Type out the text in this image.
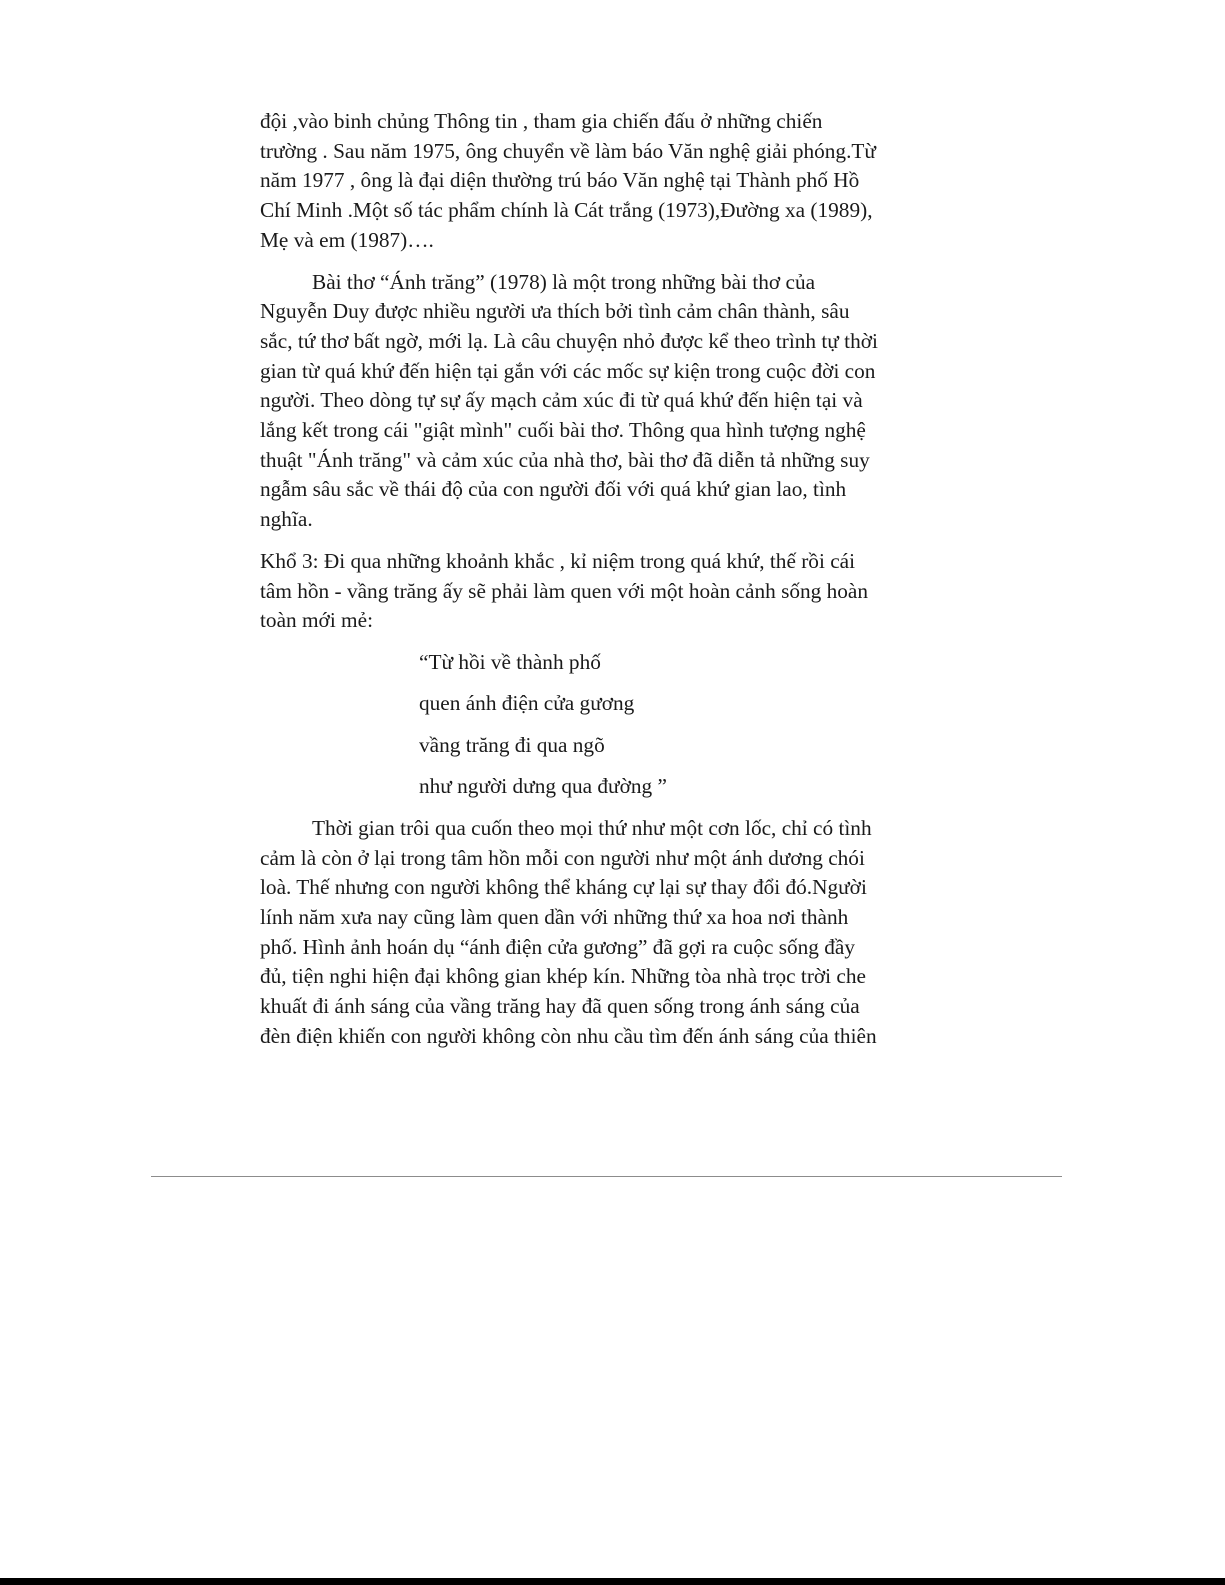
đội ,vào binh chủng Thông tin , tham gia chiến đấu ở những chiến
trường . Sau năm 1975, ông chuyển về làm báo Văn nghệ giải phóng.Từ
năm 1977 , ông là đại diện thường trú báo Văn nghệ tại Thành phố Hồ
Chí Minh .Một số tác phẩm chính là Cát trắng (1973),Đường xa (1989),
Mẹ và em (1987)….
Bài thơ “Ánh trăng” (1978) là một trong những bài thơ của
Nguyễn Duy được nhiều người ưa thích bởi tình cảm chân thành, sâu
sắc, tứ thơ bất ngờ, mới lạ. Là câu chuyện nhỏ được kể theo trình tự thời
gian từ quá khứ đến hiện tại gắn với các mốc sự kiện trong cuộc đời con
người. Theo dòng tự sự ấy mạch cảm xúc đi từ quá khứ đến hiện tại và
lắng kết trong cái "giật mình" cuối bài thơ. Thông qua hình tượng nghệ
thuật "Ánh trăng" và cảm xúc của nhà thơ, bài thơ đã diễn tả những suy
ngẫm sâu sắc về thái độ của con người đối với quá khứ gian lao, tình
nghĩa.
Khổ 3: Đi qua những khoảnh khắc , kỉ niệm trong quá khứ, thế rồi cái
tâm hồn - vầng trăng ấy sẽ phải làm quen với một hoàn cảnh sống hoàn
toàn mới mẻ:
“Từ hồi về thành phố
quen ánh điện cửa gương
vầng trăng đi qua ngõ
như người dưng qua đường ”
Thời gian trôi qua cuốn theo mọi thứ như một cơn lốc, chỉ có tình
cảm là còn ở lại trong tâm hồn mỗi con người như một ánh dương chói
loà. Thế nhưng con người không thể kháng cự lại sự thay đổi đó.Người
lính năm xưa nay cũng làm quen dần với những thứ xa hoa nơi thành
phố. Hình ảnh hoán dụ “ánh điện cửa gương” đã gợi ra cuộc sống đầy
đủ, tiện nghi hiện đại không gian khép kín. Những tòa nhà trọc trời che
khuất đi ánh sáng của vầng trăng hay đã quen sống trong ánh sáng của
đèn điện khiến con người không còn nhu cầu tìm đến ánh sáng của thiên
